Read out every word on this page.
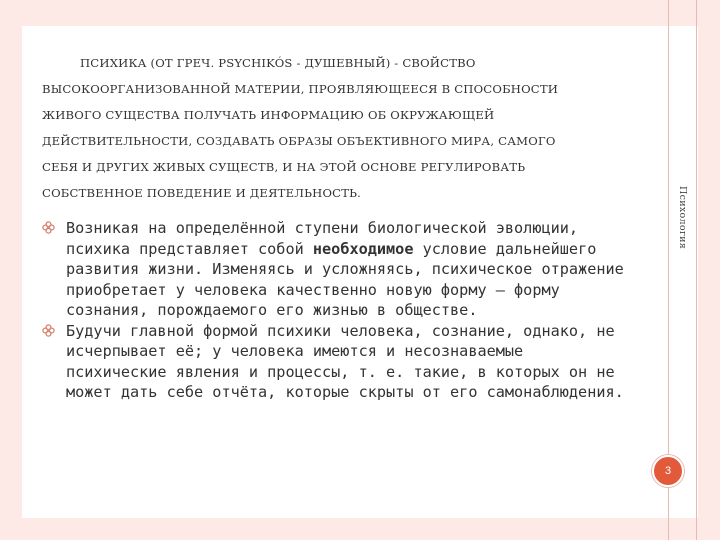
ПСИХИКА (ОТ ГРЕЧ. PSYCHIKÓS - ДУШЕВНЫЙ) - СВОЙСТВО
ВЫСОКООРГАНИЗОВАННОЙ МАТЕРИИ, ПРОЯВЛЯЮЩЕЕСЯ В СПОСОБНОСТИ
ЖИВОГО СУЩЕСТВА ПОЛУЧАТЬ ИНФОРМАЦИЮ ОБ ОКРУЖАЮЩЕЙ
ДЕЙСТВИТЕЛЬНОСТИ, СОЗДАВАТЬ ОБРАЗЫ ОБЪЕКТИВНОГО МИРА, САМОГО
СЕБЯ И ДРУГИХ ЖИВЫХ СУЩЕСТВ, И НА ЭТОЙ ОСНОВЕ РЕГУЛИРОВАТЬ
СОБСТВЕННОЕ ПОВЕДЕНИЕ И ДЕЯТЕЛЬНОСТЬ.	Психология
Возникая на определённой ступени биологической эволюции, психика представляет собой необходимое условие дальнейшего развития жизни. Изменяясь и усложняясь, психическое отражение приобретает у человека качественно новую форму — форму сознания, порождаемого его жизнью в обществе.
Будучи главной формой психики человека, сознание, однако, не исчерпывает её; у человека имеются и несознаваемые психические явления и процессы, т. е. такие, в которых он не может дать себе отчёта, которые скрыты от его самонаблюдения.
3
